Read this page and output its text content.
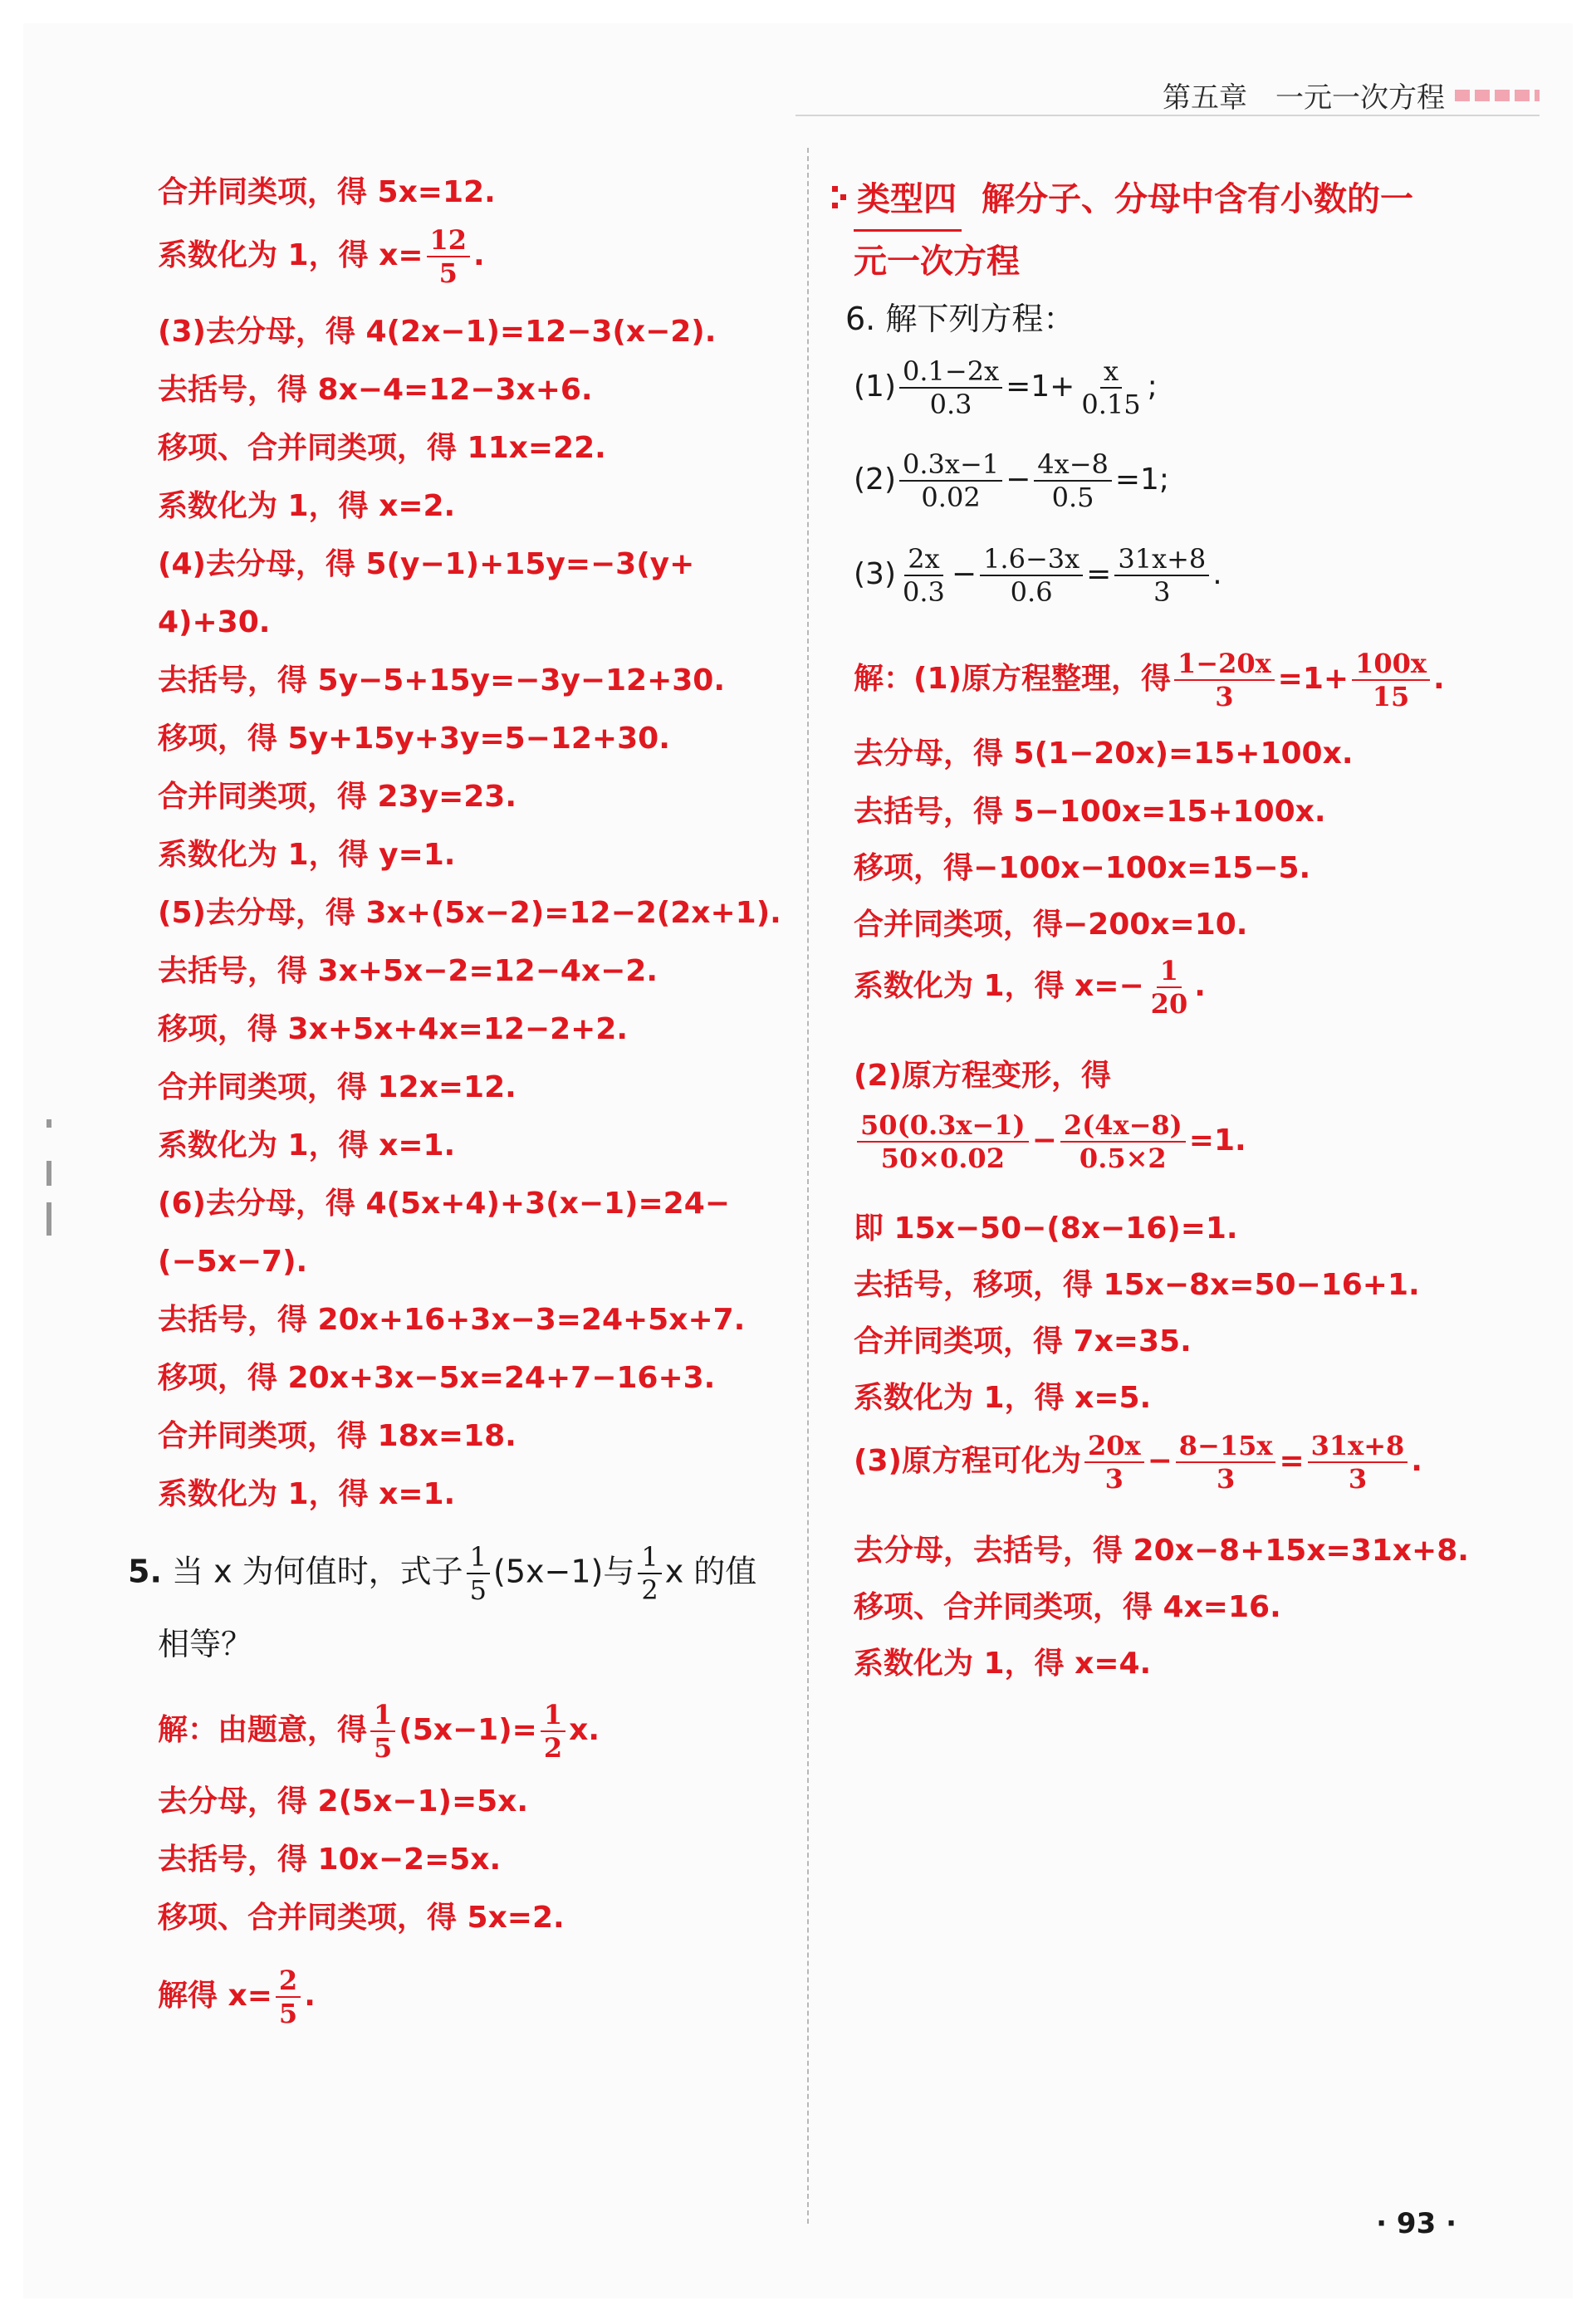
第五章 一元一次方程
合并同类项，得 5x=12.
系数化为 1，得 $x= \frac{12}{5}$ .
(3)去分母，得 4(2x−1)=12−3(x−2).
去括号，得 8x−4=12−3x+6.
移项、合并同类项，得 11x=22.
系数化为 1，得 x=2.
(4)去分母，得 5(y−1)+15y=−3(y+
4)+30.
去括号，得 5y−5+15y=−3y−12+30.
移项，得 5y+15y+3y=5−12+30.
合并同类项，得 23y=23.
系数化为 1，得 y=1.
(5)去分母，得 3x+(5x−2)=12−2(2x+1).
去括号，得 3x+5x−2=12−4x−2.
移项，得 3x+5x+4x=12−2+2.
合并同类项，得 12x=12.
系数化为 1，得 x=1.
(6)去分母，得 4(5x+4)+3(x−1)=24−
(−5x−7).
去括号，得 20x+16+3x−3=24+5x+7.
移项，得 20x+3x−5x=24+7−16+3.
合并同类项，得 18x=18.
系数化为 1，得 x=1.
5. 当 x 为何值时，式子 $\frac{1}{5} (5x-1)$与 $\frac{1}{2}$ x 的值
相等？
解：由题意，得 $\frac{1}{5} (5x-1)= \frac{1}{2} x$.
去分母，得 2(5x−1)=5x.
去括号，得 10x−2=5x.
移项、合并同类项，得 5x=2.
解得 $x= \frac{2}{5}$ .
类型四 解分子、分母中含有小数的一
元一次方程
6. 解下列方程：
$(1) \frac{0.1-2x}{0.3} =1+ \frac{x}{0.15}$ ;
$(2) \frac{0.3x-1}{0.02} - \frac{4x-8}{0.5} =1$;
$(3) \frac{2x}{0.3} - \frac{1.6-3x}{0.6} = \frac{31x+8}{3}$ .
解：(1)原方程整理，得 $\frac{1-20x}{3} =1+ \frac{100x}{15}$ .
去分母，得 5(1−20x)=15+100x.
去括号，得 5−100x=15+100x.
移项，得−100x−100x=15−5.
合并同类项，得−200x=10.
系数化为 1，得 $x=- \frac{1}{20}$ .
(2)原方程变形，得
$\frac{50(0.3x-1)}{50\times 0.02} - \frac{2(4x-8)}{0.5\times 2} =1$.
即 15x−50−(8x−16)=1.
去括号，移项，得 15x−8x=50−16+1.
合并同类项，得 7x=35.
系数化为 1，得 x=5.
(3)原方程可化为 $\frac{20x}{3} - \frac{8-15x}{3} = \frac{31x+8}{3}$ .
去分母，去括号，得 20x−8+15x=31x+8.
移项、合并同类项，得 4x=16.
系数化为 1，得 x=4.
· 93 ·
